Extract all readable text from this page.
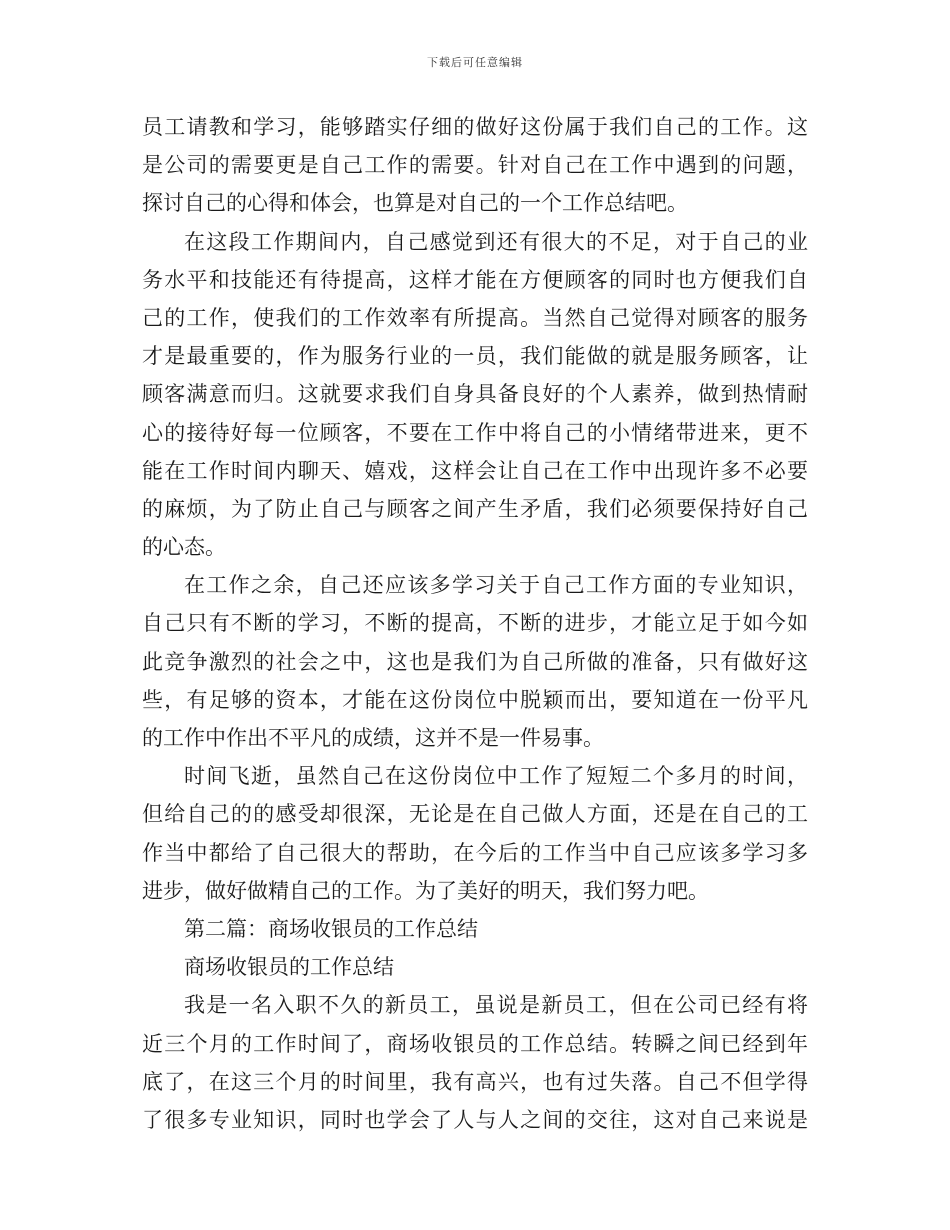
下载后可任意编辑
员工请教和学习，能够踏实仔细的做好这份属于我们自己的工作。这
是公司的需要更是自己工作的需要。针对自己在工作中遇到的问题，
探讨自己的心得和体会，也算是对自己的一个工作总结吧。
在这段工作期间内，自己感觉到还有很大的不足，对于自己的业
务水平和技能还有待提高，这样才能在方便顾客的同时也方便我们自
己的工作，使我们的工作效率有所提高。当然自己觉得对顾客的服务
才是最重要的，作为服务行业的一员，我们能做的就是服务顾客，让
顾客满意而归。这就要求我们自身具备良好的个人素养，做到热情耐
心的接待好每一位顾客，不要在工作中将自己的小情绪带进来，更不
能在工作时间内聊天、嬉戏，这样会让自己在工作中出现许多不必要
的麻烦，为了防止自己与顾客之间产生矛盾，我们必须要保持好自己
的心态。
在工作之余，自己还应该多学习关于自己工作方面的专业知识，
自己只有不断的学习，不断的提高，不断的进步，才能立足于如今如
此竞争激烈的社会之中，这也是我们为自己所做的准备，只有做好这
些，有足够的资本，才能在这份岗位中脱颖而出，要知道在一份平凡
的工作中作出不平凡的成绩，这并不是一件易事。
时间飞逝，虽然自己在这份岗位中工作了短短二个多月的时间，
但给自己的的感受却很深，无论是在自己做人方面，还是在自己的工
作当中都给了自己很大的帮助，在今后的工作当中自己应该多学习多
进步，做好做精自己的工作。为了美好的明天，我们努力吧。
第二篇：商场收银员的工作总结
商场收银员的工作总结
我是一名入职不久的新员工，虽说是新员工，但在公司已经有将
近三个月的工作时间了，商场收银员的工作总结。转瞬之间已经到年
底了，在这三个月的时间里，我有高兴，也有过失落。自己不但学得
了很多专业知识，同时也学会了人与人之间的交往，这对自己来说是
